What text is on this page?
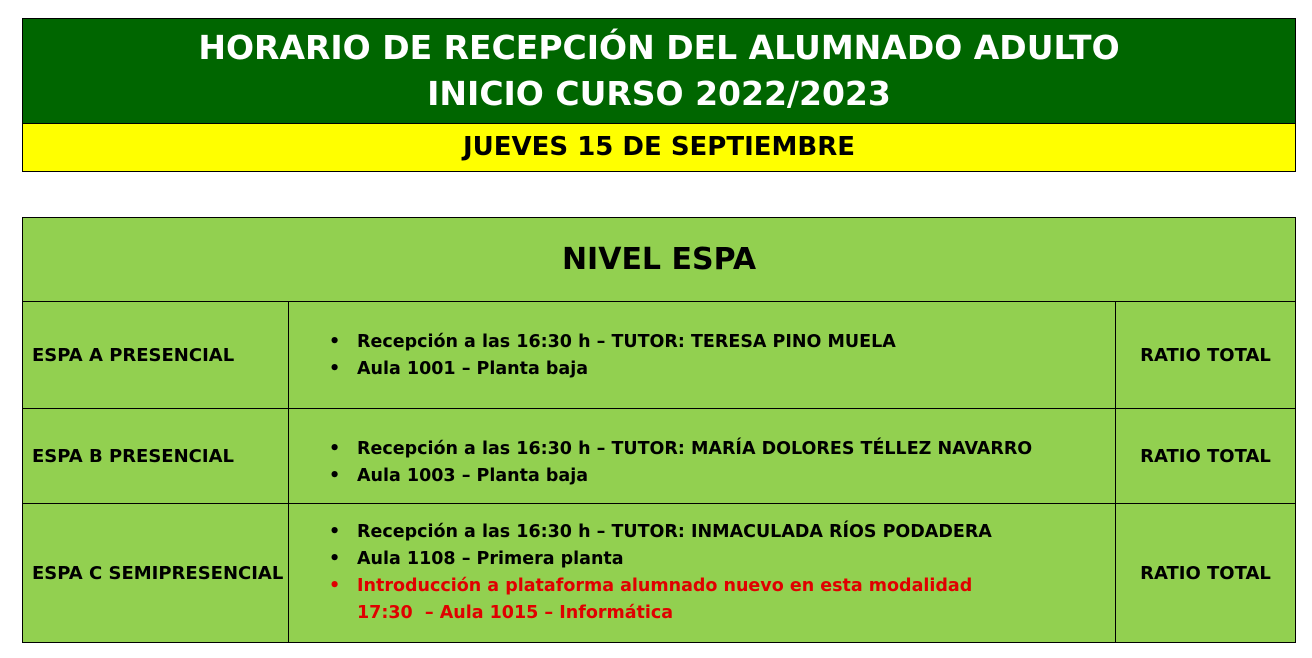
HORARIO DE RECEPCIÓN DEL ALUMNADO ADULTO
INICIO CURSO 2022/2023
JUEVES 15 DE SEPTIEMBRE
NIVEL ESPA
ESPA A PRESENCIAL
• Recepción a las 16:30 h – TUTOR: TERESA PINO MUELA
• Aula 1001 – Planta baja
RATIO TOTAL
ESPA B PRESENCIAL	• Recepción a las 16:30 h – TUTOR: MARÍA DOLORES TÉLLEZ NAVARRO
• Aula 1003 – Planta baja
RATIO TOTAL
ESPA C SEMIPRESENCIAL
• Recepción a las 16:30 h – TUTOR: INMACULADA RÍOS PODADERA
• Aula 1108 – Primera planta
• Introducción a plataforma alumnado nuevo en esta modalidad
17:30  – Aula 1015 – Informática
RATIO TOTAL
